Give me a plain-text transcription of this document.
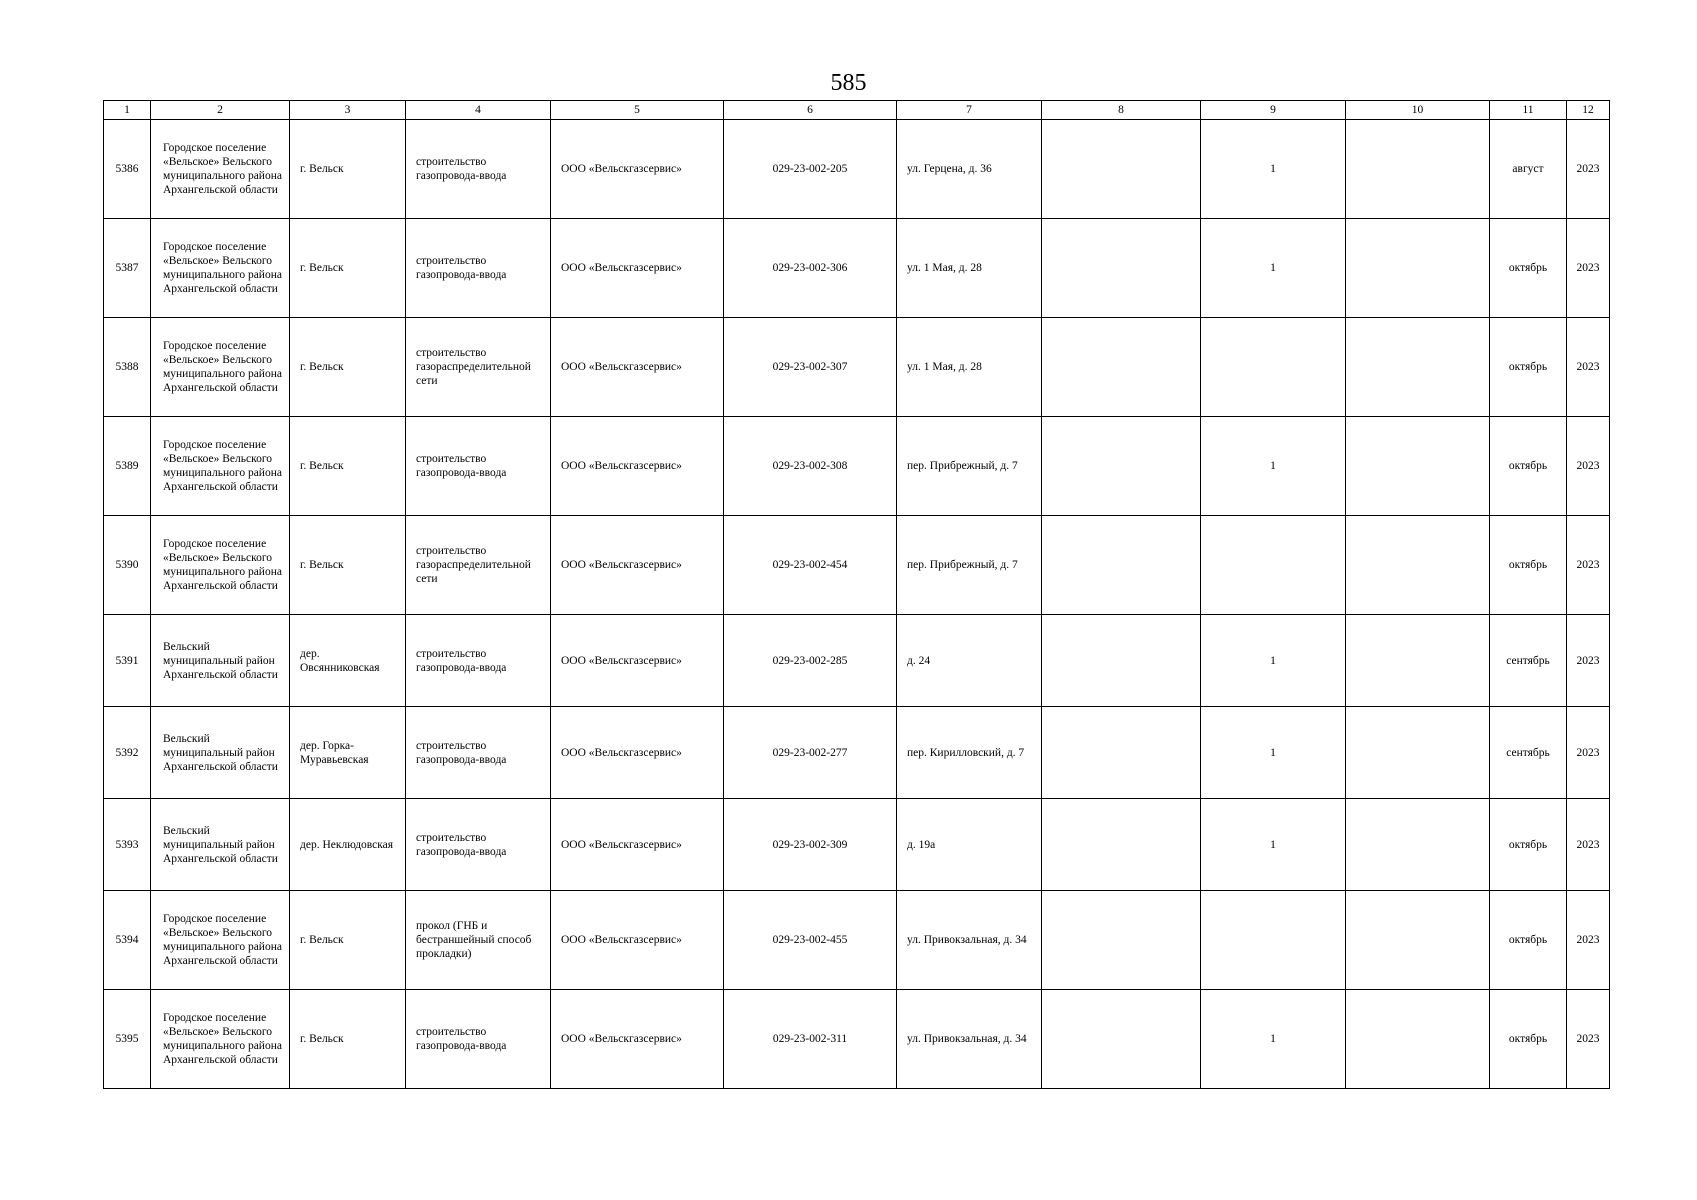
585
1	2	3	4	5	6	7	8	9	10	11	12
5386	Городское поселение «Вельское» Вельского муниципального района Архангельской области	г. Вельск	строительство газопровода-ввода	ООО «Вельскгазсервис»	029-23-002-205	ул. Герцена, д. 36		1		август	2023
5387	Городское поселение «Вельское» Вельского муниципального района Архангельской области	г. Вельск	строительство газопровода-ввода	ООО «Вельскгазсервис»	029-23-002-306	ул. 1 Мая, д. 28		1		октябрь	2023
5388	Городское поселение «Вельское» Вельского муниципального района Архангельской области	г. Вельск	строительство газораспределительной сети	ООО «Вельскгазсервис»	029-23-002-307	ул. 1 Мая, д. 28				октябрь	2023
5389	Городское поселение «Вельское» Вельского муниципального района Архангельской области	г. Вельск	строительство газопровода-ввода	ООО «Вельскгазсервис»	029-23-002-308	пер. Прибрежный, д. 7		1		октябрь	2023
5390	Городское поселение «Вельское» Вельского муниципального района Архангельской области	г. Вельск	строительство газораспределительной сети	ООО «Вельскгазсервис»	029-23-002-454	пер. Прибрежный, д. 7				октябрь	2023
5391	Вельский муниципальный район Архангельской области	дер. Овсянниковская	строительство газопровода-ввода	ООО «Вельскгазсервис»	029-23-002-285	д. 24		1		сентябрь	2023
5392	Вельский муниципальный район Архангельской области	дер. Горка-Муравьевская	строительство газопровода-ввода	ООО «Вельскгазсервис»	029-23-002-277	пер. Кирилловский, д. 7		1		сентябрь	2023
5393	Вельский муниципальный район Архангельской области	дер. Неклюдовская	строительство газопровода-ввода	ООО «Вельскгазсервис»	029-23-002-309	д. 19а		1		октябрь	2023
5394	Городское поселение «Вельское» Вельского муниципального района Архангельской области	г. Вельск	прокол (ГНБ и бестраншейный способ прокладки)	ООО «Вельскгазсервис»	029-23-002-455	ул. Привокзальная, д. 34				октябрь	2023
5395	Городское поселение «Вельское» Вельского муниципального района Архангельской области	г. Вельск	строительство газопровода-ввода	ООО «Вельскгазсервис»	029-23-002-311	ул. Привокзальная, д. 34		1		октябрь	2023
